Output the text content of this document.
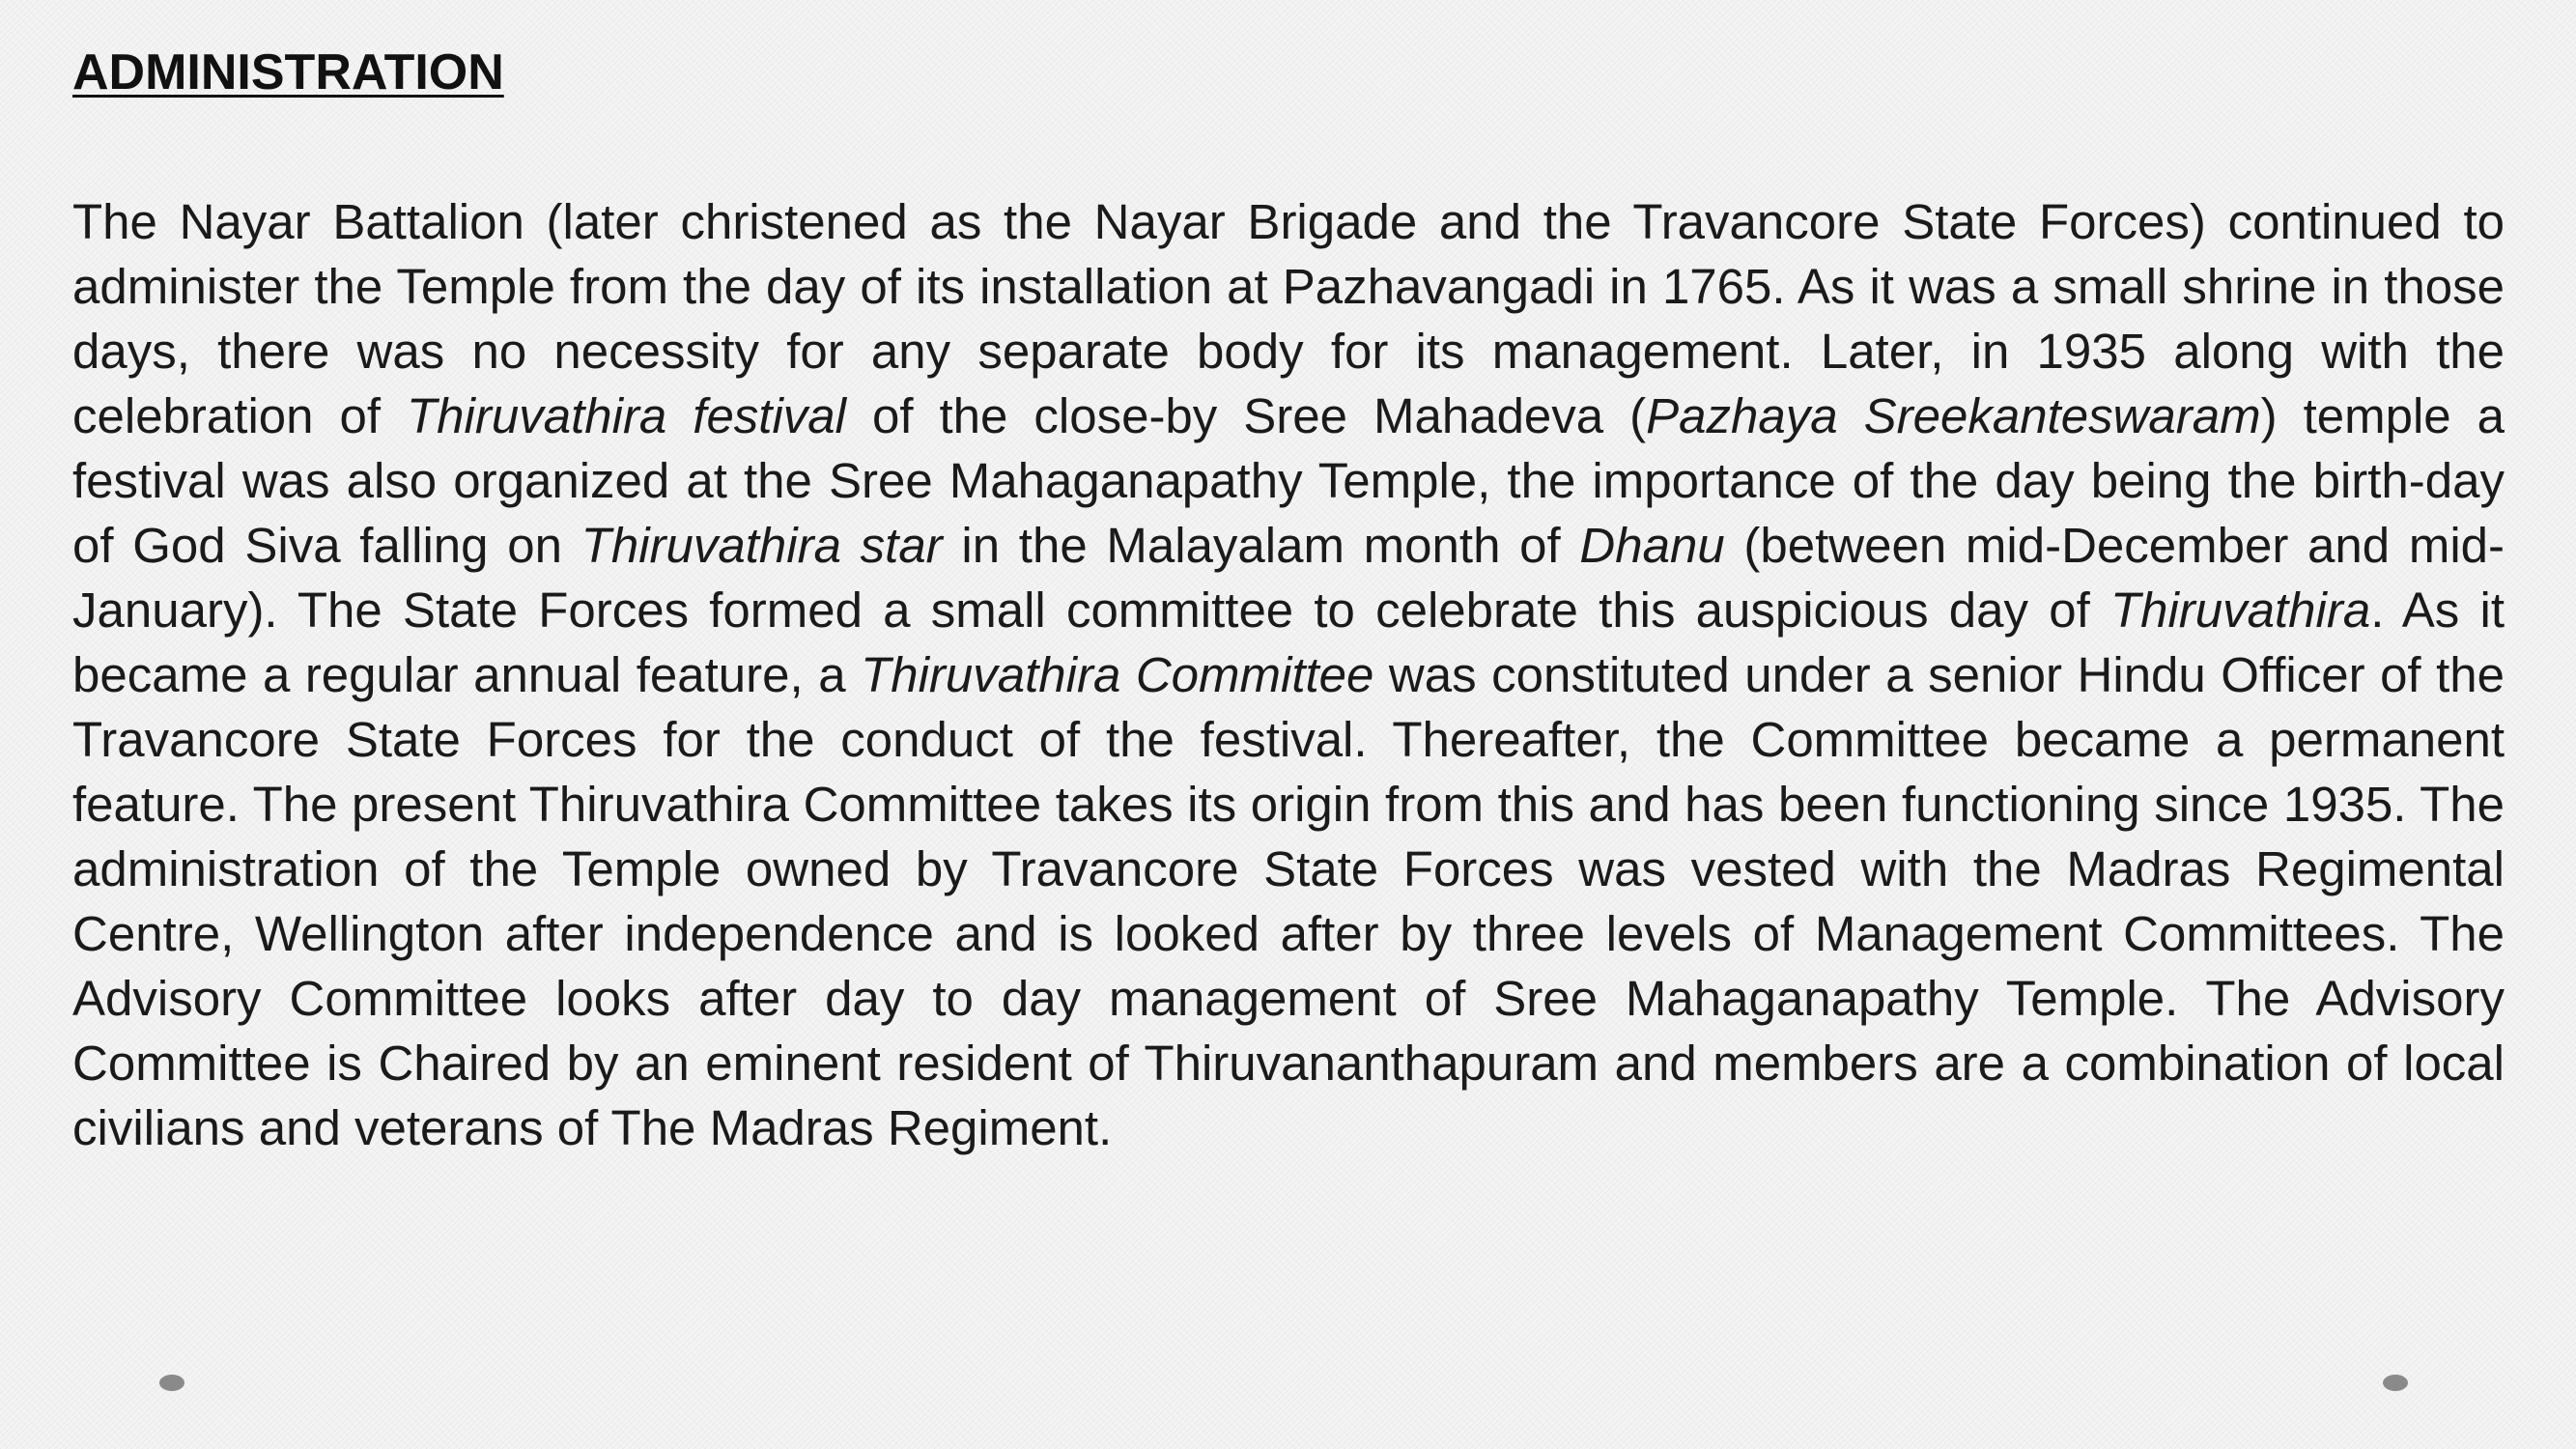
ADMINISTRATION

The Nayar Battalion (later christened as the Nayar Brigade and the Travancore State Forces) continued to administer the Temple from the day of its installation at Pazhavangadi in 1765. As it was a small shrine in those days, there was no necessity for any separate body for its management. Later, in 1935 along with the celebration of Thiruvathira festival of the close-by Sree Mahadeva (Pazhaya Sreekanteswaram) temple a festival was also organized at the Sree Mahaganapathy Temple, the importance of the day being the birth-day of God Siva falling on Thiruvathira star in the Malayalam month of Dhanu (between mid-December and mid-January). The State Forces formed a small committee to celebrate this auspicious day of Thiruvathira. As it became a regular annual feature, a Thiruvathira Committee was constituted under a senior Hindu Officer of the Travancore State Forces for the conduct of the festival. Thereafter, the Committee became a permanent feature. The present Thiruvathira Committee takes its origin from this and has been functioning since 1935. The administration of the Temple owned by Travancore State Forces was vested with the Madras Regimental Centre, Wellington after independence and is looked after by three levels of Management Committees. The Advisory Committee looks after day to day management of Sree Mahaganapathy Temple. The Advisory Committee is Chaired by an eminent resident of Thiruvananthapuram and members are a combination of local civilians and veterans of The Madras Regiment.
